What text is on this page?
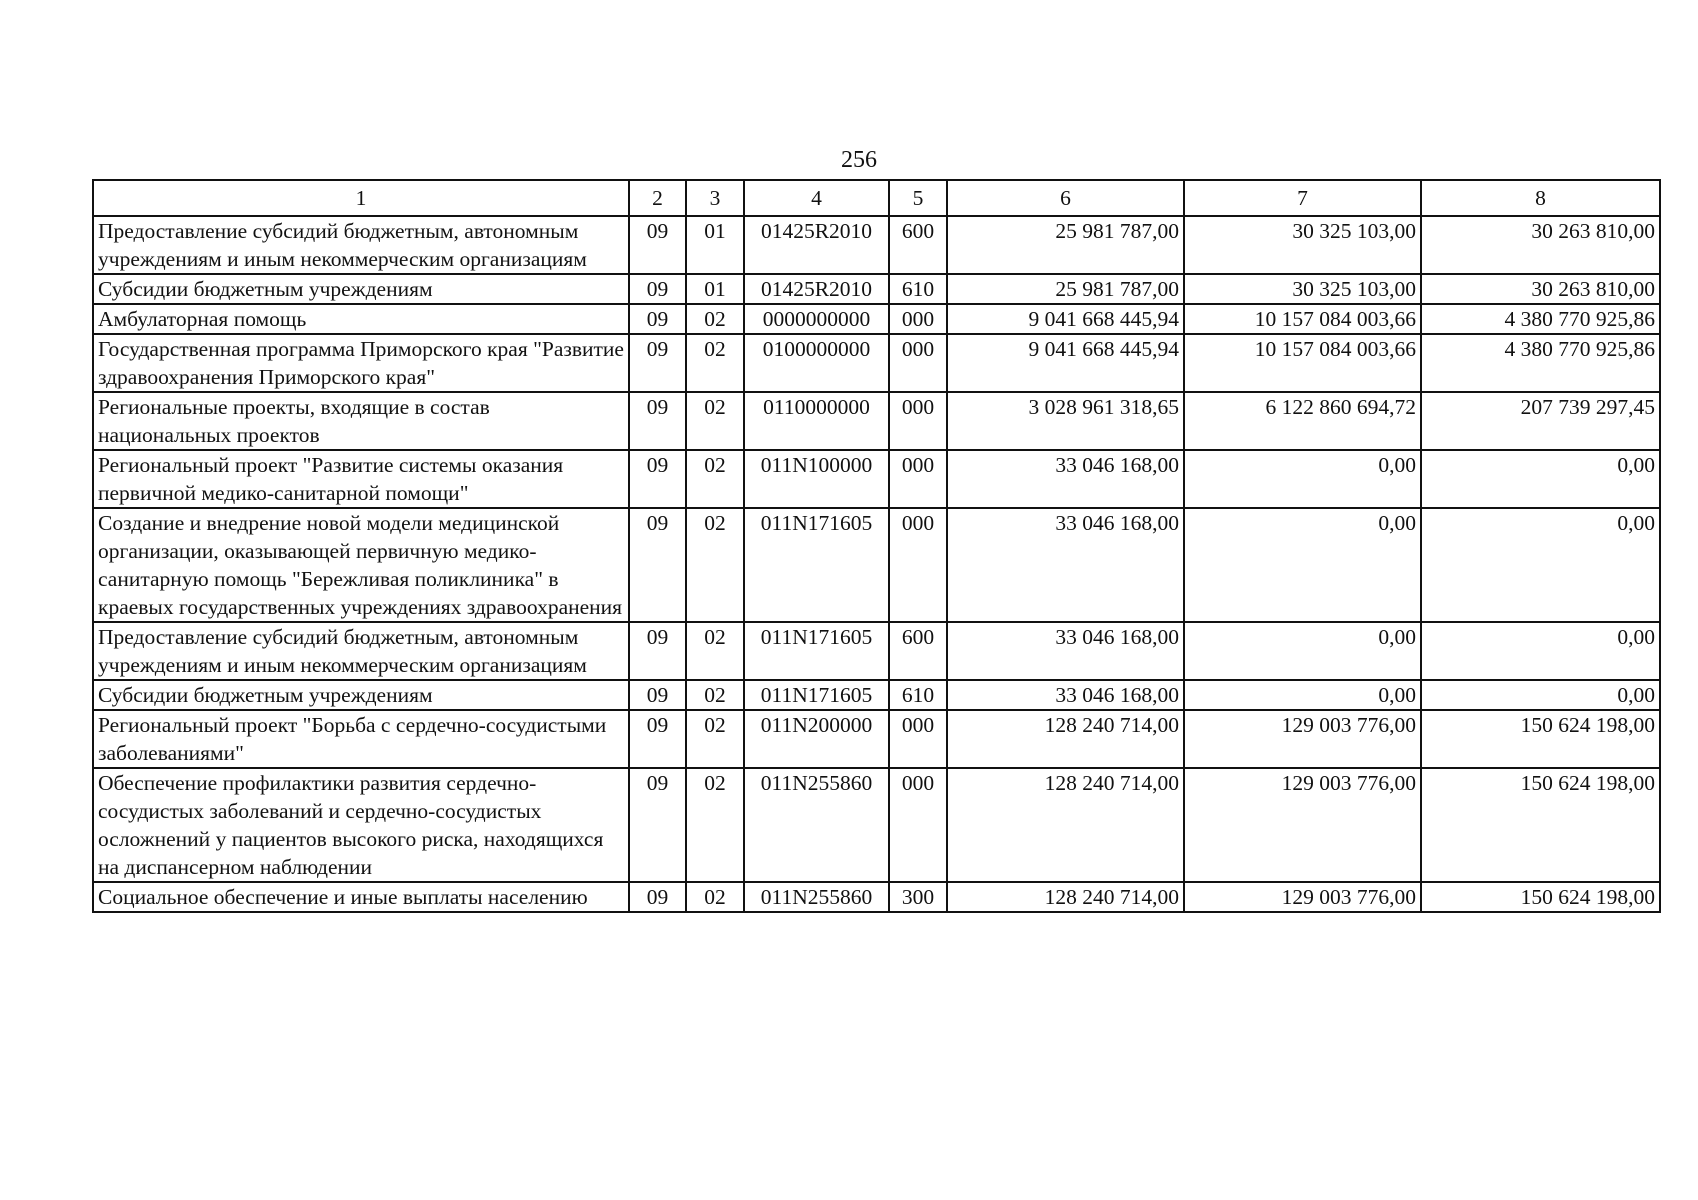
256
1	2	3	4	5	6	7	8
Предоставление субсидий бюджетным, автономным учреждениям и иным некоммерческим организациям	09	01	01425R2010	600	25 981 787,00	30 325 103,00	30 263 810,00
Субсидии бюджетным учреждениям	09	01	01425R2010	610	25 981 787,00	30 325 103,00	30 263 810,00
Амбулаторная помощь	09	02	0000000000	000	9 041 668 445,94	10 157 084 003,66	4 380 770 925,86
Государственная программа Приморского края "Развитие здравоохранения Приморского края"	09	02	0100000000	000	9 041 668 445,94	10 157 084 003,66	4 380 770 925,86
Региональные проекты, входящие в состав национальных проектов	09	02	0110000000	000	3 028 961 318,65	6 122 860 694,72	207 739 297,45
Региональный проект "Развитие системы оказания первичной медико-санитарной помощи"	09	02	011N100000	000	33 046 168,00	0,00	0,00
Создание и внедрение новой модели медицинской организации, оказывающей первичную медико-санитарную помощь "Бережливая поликлиника" в краевых государственных учреждениях здравоохранения	09	02	011N171605	000	33 046 168,00	0,00	0,00
Предоставление субсидий бюджетным, автономным учреждениям и иным некоммерческим организациям	09	02	011N171605	600	33 046 168,00	0,00	0,00
Субсидии бюджетным учреждениям	09	02	011N171605	610	33 046 168,00	0,00	0,00
Региональный проект "Борьба с сердечно-сосудистыми заболеваниями"	09	02	011N200000	000	128 240 714,00	129 003 776,00	150 624 198,00
Обеспечение профилактики развития сердечно-сосудистых заболеваний и сердечно-сосудистых осложнений у пациентов высокого риска, находящихся на диспансерном наблюдении	09	02	011N255860	000	128 240 714,00	129 003 776,00	150 624 198,00
Социальное обеспечение и иные выплаты населению	09	02	011N255860	300	128 240 714,00	129 003 776,00	150 624 198,00
